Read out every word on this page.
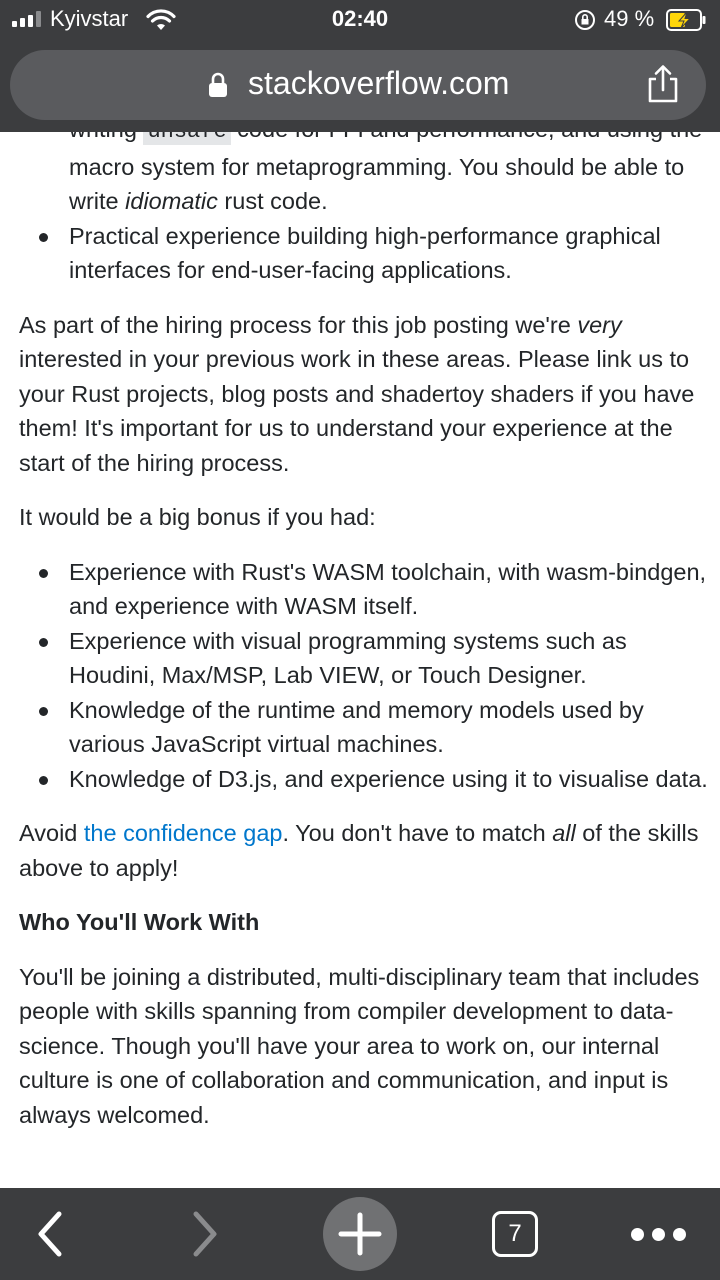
Kyivstar	02:40	49 %
stackoverflow.com
macro system for metaprogramming. You should be able to write idiomatic rust code.
Practical experience building high-performance graphical interfaces for end-user-facing applications.

As part of the hiring process for this job posting we're very interested in your previous work in these areas. Please link us to your Rust projects, blog posts and shadertoy shaders if you have them! It's important for us to understand your experience at the start of the hiring process.

It would be a big bonus if you had:

Experience with Rust's WASM toolchain, with wasm-bindgen, and experience with WASM itself.
Experience with visual programming systems such as Houdini, Max/MSP, Lab VIEW, or Touch Designer.
Knowledge of the runtime and memory models used by various JavaScript virtual machines.
Knowledge of D3.js, and experience using it to visualise data.

Avoid the confidence gap. You don't have to match all of the skills above to apply!

Who You'll Work With

You'll be joining a distributed, multi-disciplinary team that includes people with skills spanning from compiler development to data-science. Though you'll have your area to work on, our internal culture is one of collaboration and communication, and input is always welcomed.

7
